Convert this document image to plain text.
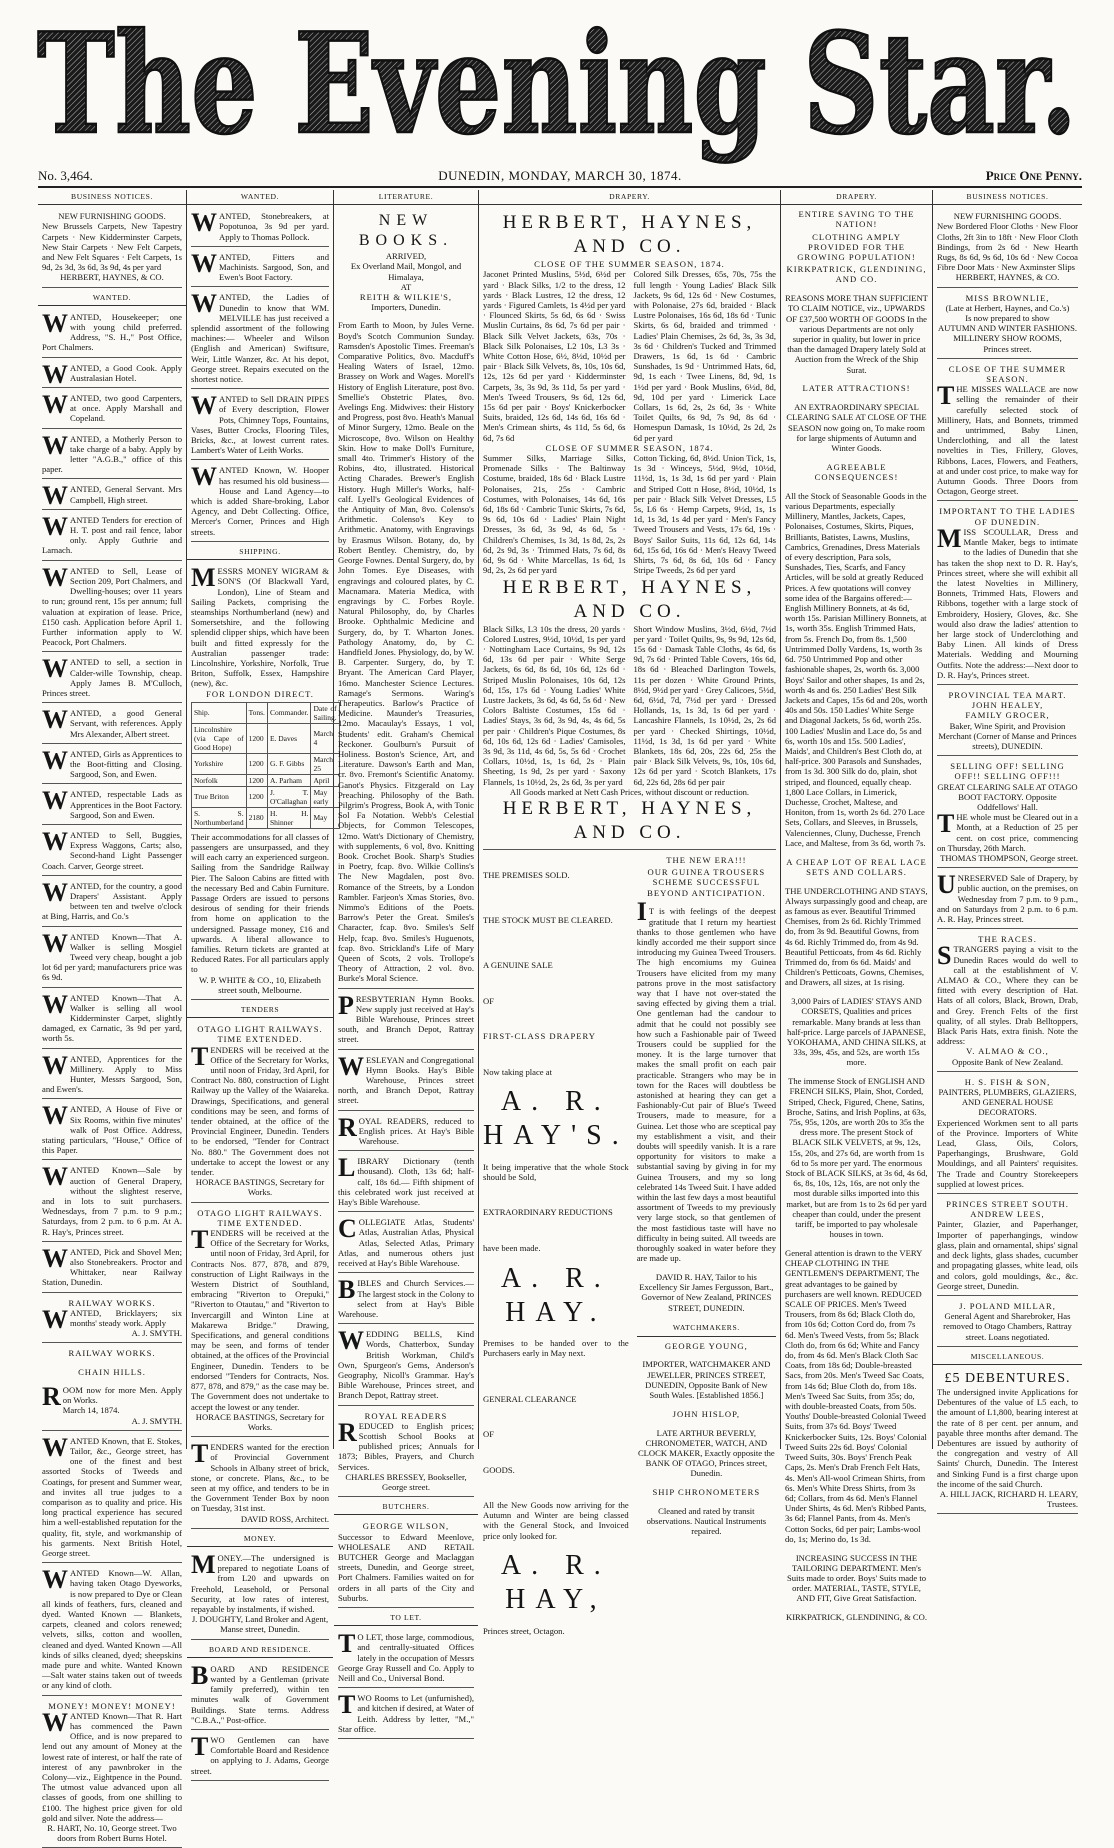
The Evening Star.
No. 3,464.	DUNEDIN, MONDAY, MARCH 30, 1874.	Price One Penny.
BUSINESS NOTICES.

NEW FURNISHING GOODS.

New Brussels Carpets, New Tapestry Carpets · New Kidderminster Carpets, New Stair Carpets · New Felt Carpets, and New Felt Squares · Felt Carpets, 1s 9d, 2s 3d, 3s 6d, 3s 9d, 4s per yard

HERBERT, HAYNES, & CO.

WANTED.
W ANTED, Housekeeper; one with young child preferred. Address, "S. H.," Post Office, Port Chalmers.

W ANTED, a Good Cook. Apply Australasian Hotel.

W ANTED, two good Carpenters, at once. Apply Marshall and Copeland.

W ANTED, a Motherly Person to take charge of a baby. Apply by letter "A.G.B.," office of this paper.

W ANTED, General Servant. Mrs Campbell, High street.

W ANTED Tenders for erection of H. T. post and rail fence, labor only. Apply Guthrie and Larnach.

W ANTED to Sell, Lease of Section 209, Port Chalmers, and Dwelling-houses; over 11 years to run; ground rent, 15s per annum; full valuation at expiration of lease. Price, £150 cash. Application before April 1. Further information apply to W. Peacock, Port Chalmers.

W ANTED to sell, a section in Calder-wille Township, cheap. Apply James B. M'Culloch, Princes street.

W ANTED, a good General Servant, with references. Apply Mrs Alexander, Albert street.

W ANTED, Girls as Apprentices to the Boot-fitting and Closing. Sargood, Son, and Ewen.

W ANTED, respectable Lads as Apprentices in the Boot Factory. Sargood, Son and Ewen.

W ANTED to Sell, Buggies, Express Waggons, Carts; also, Second-hand Light Passenger Coach. Carver, George street.

W ANTED, for the country, a good Drapers' Assistant. Apply between ten and twelve o'clock at Bing, Harris, and Co.'s

W ANTED Known—That A. Walker is selling Mosgiel Tweed very cheap, bought a job lot 6d per yard; manufacturers price was 6s 9d.

W ANTED Known—That A. Walker is selling all wool Kidderminster Carpet, slightly damaged, ex Carnatic, 3s 9d per yard, worth 5s.

W ANTED, Apprentices for the Millinery. Apply to Miss Hunter, Messrs Sargood, Son, and Ewen's.

W ANTED, A House of Five or Six Rooms, within five minutes' walk of Post Office. Address, stating particulars, "House," Office of this Paper.

W ANTED Known—Sale by auction of General Drapery, without the slightest reserve, and in lots to suit purchasers. Wednesdays, from 7 p.m. to 9 p.m.; Saturdays, from 2 p.m. to 6 p.m. At A. R. Hay's, Princes street.

W ANTED, Pick and Shovel Men; also Stonebreakers. Proctor and Whittaker, near Railway Station, Dunedin.

RAILWAY WORKS.

W ANTED, Bricklayers; six months' steady work. Apply

A. J. SMYTH.

RAILWAY WORKS.

CHAIN HILLS.

R OOM now for more Men. Apply on Works.

March 14, 1874.

A. J. SMYTH.

W ANTED Known, that E. Stokes, Tailor, &c., George street, has one of the finest and best assorted Stocks of Tweeds and Coatings, for present and Summer wear, and invites all true judges to a comparison as to quality and price. His long practical experience has secured him a well-established reputation for the quality, fit, style, and workmanship of his garments. Next British Hotel, George street.

W ANTED Known—W. Allan, having taken Otago Dyeworks, is now prepared to Dye or Clean all kinds of feathers, furs, cleaned and dyed. Wanted Known — Blankets, carpets, cleaned and colors renewed; velvets, silks, cotton and woollen, cleaned and dyed. Wanted Known —All kinds of silks cleaned, dyed; sheepskins made pure and white. Wanted Known —Salt water stains taken out of tweeds or any kind of cloth.

MONEY! MONEY! MONEY!

W ANTED Known—That R. Hart has commenced the Pawn Office, and is now prepared to lend out any amount of Money at the lowest rate of interest, or half the rate of interest of any pawnbroker in the Colony—viz., Eightpence in the Pound. The utmost value advanced upon all classes of goods, from one shilling to £100. The highest price given for old gold and silver. Note the address—

R. HART, No. 10, George street. Two doors from Robert Burns Hotel.

WANTED.
W ANTED, Stonebreakers, at Popotunoa, 3s 9d per yard. Apply to Thomas Pollock.

W ANTED, Fitters and Machinists. Sargood, Son, and Ewen's Boot Factory.

W ANTED, the Ladies of Dunedin to know that WM. MELVILLE has just received a splendid assortment of the following machines:— Wheeler and Wilson (English and American) Swiftsure, Weir, Little Wanzer, &c. At his depot, George street. Repairs executed on the shortest notice.

W ANTED to Sell DRAIN PIPES of Every description, Flower Pots, Chimney Tops, Fountains, Vases, Butter Crocks, Flooring Tiles, Bricks, &c., at lowest current rates. Lambert's Water of Leith Works.

W ANTED Known, W. Hooper has resumed his old business—House and Land Agency—to which is added Share-broking, Labor Agency, and Debt Collecting. Office, Mercer's Corner, Princes and High streets.

SHIPPING.
M ESSRS MONEY WIGRAM & SON'S (Of Blackwall Yard, London), Line of Steam and Sailing Packets, comprising the steamships Northumberland (new) and Somersetshire, and the following splendid clipper ships, which have been built and fitted expressly for the Australian passenger trade: Lincolnshire, Yorkshire, Norfolk, True Briton, Suffolk, Essex, Hampshire (new), &c.

FOR LONDON DIRECT.

Ship.	Tons.	Commander.	Date of Sailing.
Lincolnshire (via Cape of Good Hope)	1200	E. Daves	March 4
Yorkshire	1200	G. F. Gibbs	March 25
Norfolk	1200	A. Parham	April
True Briton	1200	J. T. O'Callaghan	May early
S. S. Northumberland	2180	H. H. Shinner	May

Their accommodations for all classes of passengers are unsurpassed, and they will each carry an experienced surgeon. Sailing from the Sandridge Railway Pier. The Saloon Cabins are fitted with the necessary Bed and Cabin Furniture. Passage Orders are issued to persons desirous of sending for their friends from home on application to the undersigned. Passage money, £16 and upwards. A liberal allowance to families. Return tickets are granted at Reduced Rates. For all particulars apply to

W. P. WHITE & CO., 10, Elizabeth street south, Melbourne.

TENDERS

OTAGO LIGHT RAILWAYS.

TIME EXTENDED.

T ENDERS will be received at the Office of the Secretary for Works, until noon of Friday, 3rd April, for Contract No. 880, construction of Light Railway up the Valley of the Waiareka. Drawings, Specifications, and general conditions may be seen, and forms of tender obtained, at the office of the Provincial Engineer, Dunedin. Tenders to be endorsed, "Tender for Contract No. 880." The Government does not undertake to accept the lowest or any tender.

HORACE BASTINGS, Secretary for Works.

OTAGO LIGHT RAILWAYS.

TIME EXTENDED.

T ENDERS will be received at the Office of the Secretary for Works, until noon of Friday, 3rd April, for Contracts Nos. 877, 878, and 879, construction of Light Railways in the Western District of Southland, embracing "Riverton to Orepuki," "Riverton to Otautau," and "Riverton to Invercargill and Winton Line at Makarewa Bridge." Drawing, Specifications, and general conditions may be seen, and forms of tender obtained, at the offices of the Provincial Engineer, Dunedin. Tenders to be endorsed "Tenders for Contracts, Nos. 877, 878, and 879," as the case may be. The Government does not undertake to accept the lowest or any tender.

HORACE BASTINGS, Secretary for Works.

T ENDERS wanted for the erection of Provincial Government Schools in Albany street of brick, stone, or concrete. Plans, &c., to be seen at my office, and tenders to be in the Government Tender Box by noon on Tuesday, 31st inst.

DAVID ROSS, Architect.

MONEY.
M ONEY.—The undersigned is prepared to negotiate Loans of from L20 and upwards on Freehold, Leasehold, or Personal Security, at low rates of interest, repayable by instalments, if wished.

J. DOUGHTY, Land Broker and Agent, Manse street, Dunedin.

BOARD AND RESIDENCE.
B OARD AND RESIDENCE wanted by a Gentleman (private family preferred), within ten minutes walk of Government Buildings. State terms. Address "C.B.A.," Post-office.

T WO Gentlemen can have Comfortable Board and Residence on applying to J. Adams, George street.

LITERATURE.

NEW BOOKS.

ARRIVED,

Ex Overland Mail, Mongol, and Himalaya,

AT

REITH & WILKIE'S,

Importers, Dunedin.

From Earth to Moon, by Jules Verne. Boyd's Scotch Communion Sunday. Ramsden's Apostolic Times. Freeman's Comparative Politics, 8vo. Macduff's Healing Waters of Israel, 12mo. Brassey on Work and Wages. Morell's History of English Literature, post 8vo. Smellie's Obstetric Plates, 8vo. Avelings Eng. Midwives: their History and Progress, post 8vo. Heath's Manual of Minor Surgery, 12mo. Beale on the Microscope, 8vo. Wilson on Healthy Skin. How to make Doll's Furniture, small 4to. Trimmer's History of the Robins, 4to, illustrated. Historical Acting Charades. Brewer's English History. Hugh Miller's Works, half-calf. Lyell's Geological Evidences of the Antiquity of Man, 8vo. Colenso's Arithmetic. Colenso's Key to Arithmetic. Anatomy, with Engravings by Erasmus Wilson. Botany, do, by Robert Bentley. Chemistry, do, by George Fownes. Dental Surgery, do, by John Tomes. Eye Diseases, with engravings and coloured plates, by C. Macnamara. Materia Medica, with engravings by C. Forbes Royle. Natural Philosophy, do, by Charles Brooke. Ophthalmic Medicine and Surgery, do, by T. Wharton Jones. Pathology Anatomy, do, by C. Handfield Jones. Physiology, do, by W. B. Carpenter. Surgery, do, by T. Bryant. The American Card Player, 16mo. Manchester Science Lectures. Ramage's Sermons. Waring's Therapeutics. Barlow's Practice of Medicine. Maunder's Treasuries, 12mo. Macaulay's Essays, 1 vol, Students' edit. Graham's Chemical Reckoner. Goulburn's Pursuit of Holiness. Boston's Science, Art, and Literature. Dawson's Earth and Man, cr. 8vo. Fremont's Scientific Anatomy. Ganot's Physics. Fitzgerald on Lay Preaching. Philosophy of the Bath. Pilgrim's Progress, Book A, with Tonic Sol Fa Notation. Webb's Celestial Objects, for Common Telescopes, 12mo. Watt's Dictionary of Chemistry, with supplements, 6 vol, 8vo. Knitting Book. Crochet Book. Sharp's Studies in Poetry, fcap. 8vo. Wilkie Collins's The New Magdalen, post 8vo. Romance of the Streets, by a London Rambler. Farjeon's Xmas Stories, 8vo. Nimmo's Editions of the Poets. Barrow's Peter the Great. Smiles's Character, fcap. 8vo. Smiles's Self Help, fcap. 8vo. Smiles's Huguenots, fcap. 8vo. Strickland's Life of Mary Queen of Scots, 2 vols. Trollope's Theory of Attraction, 2 vol. 8vo. Burke's Moral Science.

P RESBYTERIAN Hymn Books. New supply just received at Hay's Bible Warehouse, Princes street south, and Branch Depot, Rattray street.

W ESLEYAN and Congregational Hymn Books. Hay's Bible Warehouse, Princes street north, and Branch Depot, Rattray street.

R OYAL READERS, reduced to English prices. At Hay's Bible Warehouse.

L IBRARY Dictionary (tenth thousand). Cloth, 13s 6d; half-calf, 18s 6d.— Fifth shipment of this celebrated work just received at Hay's Bible Warehouse.

C OLLEGIATE Atlas, Students' Atlas, Australian Atlas, Physical Atlas, Selected Atlas, Primary Atlas, and numerous others just received at Hay's Bible Warehouse.

B IBLES and Church Services.—The largest stock in the Colony to select from at Hay's Bible Warehouse.

W EDDING BELLS, Kind Words, Chatterbox, Sunday British Workman, Child's Own, Spurgeon's Gems, Anderson's Geography, Nicoll's Grammar. Hay's Bible Warehouse, Princes street, and Branch Depot, Rattray street.

ROYAL READERS

R EDUCED to English prices; Scottish School Books at published prices; Annuals for 1873; Bibles, Prayers, and Church Services.

CHARLES BRESSEY, Bookseller, George street.

BUTCHERS.

GEORGE WILSON,

Successor to Edward Meenlove, WHOLESALE AND RETAIL BUTCHER George and Maclaggan streets, Dunedin, and George street, Port Chalmers. Families waited on for orders in all parts of the City and Suburbs.

TO LET.
T O LET, those large, commodious, and centrally-situated Offices lately in the occupation of Messrs George Gray Russell and Co. Apply to Neill and Co., Universal Bond.

T WO Rooms to Let (unfurnished), and kitchen if desired, at Water of Leith. Address by letter, "M.," Star office.

DRAPERY.

HERBERT, HAYNES, AND CO.

CLOSE OF THE SUMMER SEASON, 1874.

Jaconet Printed Muslins, 5½d, 6½d per yard · Black Silks, 1/2 to the dress, 12 yards · Black Lustres, 12 the dress, 12 yards · Figured Camlets, 1s 4½d per yard · Flounced Skirts, 5s 6d, 6s 6d · Swiss Muslin Curtains, 8s 6d, 7s 6d per pair · Black Silk Velvet Jackets, 63s, 70s · Black Silk Polonaises, L2 10s, L3 3s · White Cotton Hose, 6½, 8½d, 10½d per pair · Black Silk Velvets, 8s, 10s, 10s 6d, 12s, 12s 6d per yard · Kidderminster Carpets, 3s, 3s 9d, 3s 11d, 5s per yard · Men's Tweed Trousers, 9s 6d, 12s 6d, 15s 6d per pair · Boys' Knickerbocker Suits, braided, 12s 6d, 14s 6d, 16s 6d · Men's Crimean shirts, 4s 11d, 5s 6d, 6s 6d, 7s 6d
Colored Silk Dresses, 65s, 70s, 75s the full length · Young Ladies' Black Silk Jackets, 9s 6d, 12s 6d · New Costumes, with Polonaise, 27s 6d, braided · Black Lustre Polonaises, 16s 6d, 18s 6d · Tunic Skirts, 6s 6d, braided and trimmed · Ladies' Plain Chemises, 2s 6d, 3s, 3s 3d, 3s 6d · Children's Tucked and Trimmed Drawers, 1s 6d, 1s 6d · Cambric Sunshades, 1s 9d · Untrimmed Hats, 6d, 9d, 1s each · Twee Linens, 8d, 9d, 1s 1½d per yard · Book Muslins, 6½d, 8d, 9d, 10d per yard · Limerick Lace Collars, 1s 6d, 2s, 2s 6d, 3s · White Toilet Quilts, 6s 9d, 7s 9d, 8s 6d · Homespun Damask, 1s 10½d, 2s 2d, 2s 6d per yard

CLOSE OF SUMMER SEASON, 1874.

Summer Silks, Marriage Silks, Promenade Silks · The Baltinway Costume, braided, 18s 6d · Black Lustre Polonaises, 21s, 25s · Cambric Costumes, with Polonaises, 14s 6d, 16s 6d, 18s 6d · Cambric Tunic Skirts, 7s 6d, 9s 6d, 10s 6d · Ladies' Plain Night Dresses, 3s 6d, 3s 9d, 4s 6d, 5s · Children's Chemises, 1s 3d, 1s 8d, 2s, 2s 6d, 2s 9d, 3s · Trimmed Hats, 7s 6d, 8s 6d, 9s 6d · White Marcellas, 1s 6d, 1s 9d, 2s, 2s 6d per yard
Cotton Ticking, 6d, 8½d. Union Tick, 1s, 1s 3d · Winceys, 5½d, 9½d, 10½d, 11½d, 1s, 1s 3d, 1s 6d per yard · Plain and Striped Cott n Hose, 8½d, 10½d, 1s per pair · Black Silk Velvet Dresses, L5 5s, L6 6s · Hemp Carpets, 9½d, 1s, 1s 1d, 1s 3d, 1s 4d per yard · Men's Fancy Tweed Trousers and Vests, 17s 6d, 19s · Boys' Sailor Suits, 11s 6d, 12s 6d, 14s 6d, 15s 6d, 16s 6d · Men's Heavy Tweed Shirts, 7s 6d, 8s 6d, 10s 6d · Fancy Stripe Tweeds, 2s 6d per yard

HERBERT, HAYNES, AND CO.

Black Silks, L3 10s the dress, 20 yards · Colored Lustres, 9½d, 10½d, 1s per yard · Nottingham Lace Curtains, 9s 9d, 12s 6d, 13s 6d per pair · White Serge Jackets, 6s 6d, 8s 6d, 10s 6d, 12s 6d · Striped Muslin Polonaises, 10s 6d, 12s 6d, 15s, 17s 6d · Young Ladies' White Lustre Jackets, 3s 6d, 4s 6d, 5s 6d · New Colors Baltiste Costumes, 15s 6d · Ladies' Stays, 3s 6d, 3s 9d, 4s, 4s 6d, 5s per pair · Children's Pique Costumes, 8s 6d, 10s 6d, 12s 6d · Ladies' Camisoles, 3s 9d, 3s 11d, 4s 6d, 5s, 5s 6d · Crochet Collars, 10½d, 1s, 1s 6d, 2s · Plain Sheeting, 1s 9d, 2s per yard · Saxony Flannels, 1s 10½d, 2s, 2s 6d, 3s per yard
Short Window Muslins, 3½d, 6½d, 7½d per yard · Toilet Quilts, 9s, 9s 9d, 12s 6d, 15s 6d · Damask Table Cloths, 4s 6d, 6s 9d, 7s 6d · Printed Table Covers, 16s 6d, 18s 6d · Bleached Darlington Towels, 11s per dozen · White Ground Prints, 8½d, 9½d per yard · Grey Calicoes, 5½d, 6d, 6½d, 7d, 7½d per yard · Dressed Hollands, 1s, 1s 3d, 1s 6d per yard · Lancashire Flannels, 1s 10½d, 2s, 2s 6d per yard · Checked Shirtings, 10½d, 11½d, 1s 3d, 1s 6d per yard · White Blankets, 18s 6d, 20s, 22s 6d, 25s the pair · Black Silk Velvets, 9s, 10s, 10s 6d, 12s 6d per yard · Scotch Blankets, 17s 6d, 22s 6d, 28s 6d per pair

All Goods marked at Nett Cash Prices, without discount or reduction.

HERBERT, HAYNES, AND CO.

THE PREMISES SOLD.

THE STOCK MUST BE CLEARED.

A GENUINE SALE

OF

FIRST-CLASS DRAPERY

Now taking place at

A. R. HAY'S.

It being imperative that the whole Stock should be Sold,

EXTRAORDINARY REDUCTIONS

have been made.

A. R. HAY.

Premises to be handed over to the Purchasers early in May next.

GENERAL CLEARANCE

OF

GOODS.

All the New Goods now arriving for the Autumn and Winter are being classed with the General Stock, and Invoiced price only looked for.

A. R. HAY,

Princes street, Octagon.

THE NEW ERA!!!

OUR GUINEA TROUSERS SCHEME SUCCESSFUL BEYOND ANTICIPATION.

I T is with feelings of the deepest gratitude that I return my heartiest thanks to those gentlemen who have kindly accorded me their support since introducing my Guinea Tweed Trousers. The high encomiums my Guinea Trousers have elicited from my many patrons prove in the most satisfactory way that I have not over-stated the saving effected by giving them a trial. One gentleman had the candour to admit that he could not possibly see how such a Fashionable pair of Tweed Trousers could be supplied for the money. It is the large turnover that makes the small profit on each pair practicable. Strangers who may be in town for the Races will doubtless be astonished at hearing they can get a Fashionably-Cut pair of Blue's Tweed Trousers, made to measure, for a Guinea. Let those who are sceptical pay my establishment a visit, and their doubts will speedily vanish. It is a rare opportunity for visitors to make a substantial saving by giving in for my Guinea Trousers, and my so long celebrated 14s Tweed Suit. I have added within the last few days a most beautiful assortment of Tweeds to my previously very large stock, so that gentlemen of the most fastidious taste will have no difficulty in being suited. All tweeds are thoroughly soaked in water before they are made up.

DAVID R. HAY, Tailor to his Excellency Sir James Fergusson, Bart., Governor of New Zealand, PRINCES STREET, DUNEDIN.

WATCHMAKERS.

GEORGE YOUNG,

IMPORTER, WATCHMAKER AND JEWELLER, PRINCES STREET, DUNEDIN, Opposite Bank of New South Wales. [Established 1856.]

JOHN HISLOP,

LATE ARTHUR BEVERLY, CHRONOMETER, WATCH, AND CLOCK MAKER, Exactly opposite the BANK OF OTAGO, Princes street, Dunedin.

SHIP CHRONOMETERS

Cleaned and rated by transit observations. Nautical Instruments repaired.

DRAPERY.

ENTIRE SAVING TO THE NATION!

CLOTHING AMPLY PROVIDED FOR THE GROWING POPULATION!

KIRKPATRICK, GLENDINING, AND CO.

REASONS MORE THAN SUFFICIENT TO CLAIM NOTICE, viz., UPWARDS OF £37,500 WORTH OF GOODS In the various Departments are not only superior in quality, but lower in price than the damaged Drapery lately Sold at Auction from the Wreck of the Ship Surat.

LATER ATTRACTIONS!

AN EXTRAORDINARY SPECIAL CLEARING SALE AT CLOSE OF THE SEASON now going on, To make room for large shipments of Autumn and Winter Goods.

AGREEABLE CONSEQUENCES!

All the Stock of Seasonable Goods in the various Departments, especially Millinery, Mantles, Jackets, Capes, Polonaises, Costumes, Skirts, Piques, Brilliants, Batistes, Lawns, Muslins, Cambrics, Grenadines, Dress Materials of every description, Para sols, Sunshades, Ties, Scarfs, and Fancy Articles, will be sold at greatly Reduced Prices. A few quotations will convey some idea of the Bargains offered:— English Millinery Bonnets, at 4s 6d, worth 15s. Parisian Millinery Bonnets, at 1s, worth 35s. English Trimmed Hats, from 5s. French Do, from 8s. 1,500 Untrimmed Dolly Vardens, 1s, worth 3s 6d. 750 Untrimmed Pop and other fashionable shapes, 2s, worth 6s. 3,000 Boys' Sailor and other shapes, 1s and 2s, worth 4s and 6s. 250 Ladies' Best Silk Jackets and Capes, 15s 6d and 20s, worth 40s and 50s. 150 Ladies' White Serge and Diagonal Jackets, 5s 6d, worth 25s. 100 Ladies' Muslin and Lace do, 5s and 6s, worth 10s and 15s. 500 Ladies', Maids', and Children's Best Cloth do, at half-price. 300 Parasols and Sunshades, from 1s 3d. 300 Silk do do, plain, shot striped, and flounced, equally cheap. 1,800 Lace Collars, in Limerick, Duchesse, Crochet, Maltese, and Honiton, from 1s, worth 2s 6d. 270 Lace Sets, Collars, and Sleeves, in Brussels, Valenciennes, Cluny, Duchesse, French Lace, and Maltese, from 3s 6d, worth 7s.

A CHEAP LOT OF REAL LACE SETS AND COLLARS.

THE UNDERCLOTHING AND STAYS, Always surpassingly good and cheap, are as famous as ever. Beautiful Trimmed Chemises, from 2s 6d. Richly Trimmed do, from 3s 9d. Beautiful Gowns, from 4s 6d. Richly Trimmed do, from 4s 9d. Beautiful Petticoats, from 4s 6d. Richly Trimmed do, from 6s 6d. Maids' and Children's Petticoats, Gowns, Chemises, and Drawers, all sizes, at 1s rising.

3,000 Pairs of LADIES' STAYS AND CORSETS, Qualities and prices remarkable. Many brands at less than half-price. Large parcels of JAPANESE, YOKOHAMA, AND CHINA SILKS, at 33s, 39s, 45s, and 52s, are worth 15s more.

The immense Stock of ENGLISH AND FRENCH SILKS, Plain, Shot, Corded, Striped, Check, Figured, Chene, Satins, Broche, Satins, and Irish Poplins, at 63s, 75s, 95s, 120s, are worth 20s to 35s the dress more. The present Stock of BLACK SILK VELVETS, at 9s, 12s, 15s, 20s, and 27s 6d, are worth from 1s 6d to 5s more per yard. The enormous Stock of BLACK SILKS, at 3s 6d, 4s 6d, 6s, 8s, 10s, 12s, 16s, are not only the most durable silks imported into this market, but are from 1s to 2s 6d per yard cheaper than could, under the present tariff, be imported to pay wholesale houses in town.

General attention is drawn to the VERY CHEAP CLOTHING IN THE GENTLEMEN'S DEPARTMENT, The great advantages to be gained by purchasers are well known. REDUCED SCALE OF PRICES. Men's Tweed Trousers, from 8s 6d; Black Cloth do, from 10s 6d; Cotton Cord do, from 7s 6d. Men's Tweed Vests, from 5s; Black Cloth do, from 6s 6d; White and Fancy do, from 4s 6d. Men's Black Cloth Sac Coats, from 18s 6d; Double-breasted Sacs, from 20s. Men's Tweed Sac Coats, from 14s 6d; Blue Cloth do, from 18s. Men's Tweed Sac Suits, from 35s; do, with double-breasted Coats, from 50s. Youths' Double-breasted Colonial Tweed Suits, from 37s 6d. Boys' Tweed Knickerbocker Suits, 12s. Boys' Colonial Tweed Suits 22s 6d. Boys' Colonial Tweed Suits, 30s. Boys' French Peak Caps, 2s. Men's Drab French Felt Hats, 4s. Men's All-wool Crimean Shirts, from 6s. Men's White Dress Shirts, from 3s 6d; Collars, from 4s 6d. Men's Flannel Under Shirts, 4s 6d. Men's Ribbed Pants, 3s 6d; Flannel Pants, from 4s. Men's Cotton Socks, 6d per pair; Lambs-wool do, 1s; Merino do, 1s 3d.

INCREASING SUCCESS IN THE TAILORING DEPARTMENT. Men's Suits made to order. Boys' Suits made to order. MATERIAL, TASTE, STYLE, AND FIT, Give Great Satisfaction.

KIRKPATRICK, GLENDINING, & CO.

BUSINESS NOTICES.

NEW FURNISHING GOODS.

New Bordered Floor Cloths · New Floor Cloths, 2ft 3in to 18ft · New Floor Cloth Bindings, from 2s 6d · New Hearth Rugs, 8s 6d, 9s 6d, 10s 6d · New Cocoa Fibre Door Mats · New Axminster Slips

HERBERT, HAYNES, & CO.

MISS BROWNLIE,

(Late at Herbert, Haynes, and Co.'s)

Is now prepared to show

AUTUMN AND WINTER FASHIONS.

MILLINERY SHOW ROOMS,

Princes street.

CLOSE OF THE SUMMER SEASON.

T HE MISSES WALLACE are now selling the remainder of their carefully selected stock of Millinery, Hats, and Bonnets, trimmed and untrimmed, Baby Linen, Underclothing, and all the latest novelties in Ties, Frillery, Gloves, Ribbons, Laces, Flowers, and Feathers, at and under cost price, to make way for Autumn Goods. Three Doors from Octagon, George street.

IMPORTANT TO THE LADIES OF DUNEDIN.

M ISS SCOULLAR, Dress and Mantle Maker, begs to intimate to the ladies of Dunedin that she has taken the shop next to D. R. Hay's, Princes street, where she will exhibit all the latest Novelties in Millinery, Bonnets, Trimmed Hats, Flowers and Ribbons, together with a large stock of Embroidery, Hosiery, Gloves, &c. She would also draw the ladies' attention to her large stock of Underclothing and Baby Linen. All kinds of Dress Materials. Wedding and Mourning Outfits. Note the address:—Next door to D. R. Hay's, Princes street.

PROVINCIAL TEA MART.

JOHN HEALEY,

FAMILY GROCER,

Baker, Wine Spirit, and Provision Merchant (Corner of Manse and Princes streets), DUNEDIN.

SELLING OFF! SELLING OFF!! SELLING OFF!!!

GREAT CLEARING SALE AT OTAGO BOOT FACTORY. Opposite Oddfellows' Hall.

T HE whole must be Cleared out in a Month, at a Reduction of 25 per cent. on cost price, commencing on Thursday, 26th March.

THOMAS THOMPSON, George street.

U NRESERVED Sale of Drapery, by public auction, on the premises, on Wednesday from 7 p.m. to 9 p.m., and on Saturdays from 2 p.m. to 6 p.m. A. R. Hay, Princes street.

THE RACES.

S TRANGERS paying a visit to the Dunedin Races would do well to call at the establishment of V. ALMAO & CO., Where they can be fitted with every description of Hat. Hats of all colors, Black, Brown, Drab, and Grey. French Felts of the first quality, of all styles. Drab Belltoppers, Black Paris Hats, extra finish. Note the address:

V. ALMAO & CO.,

Opposite Bank of New Zealand.

H. S. FISH & SON,

PAINTERS, PLUMBERS, GLAZIERS, AND GENERAL HOUSE DECORATORS.

Experienced Workmen sent to all parts of the Province. Importers of White Lead, Glass, Oils, Colors, Paperhangings, Brushware, Gold Mouldings, and all Painters' requisites. The Trade and Country Storekeepers supplied at lowest prices.

PRINCES STREET SOUTH.

ANDREW LEES,

Painter, Glazier, and Paperhanger, Importer of paperhangings, window glass, plain and ornamental, ships' signal and deck lights, glass shades, cucumber and propagating glasses, white lead, oils and colors, gold mouldings, &c., &c. George street, Dunedin.

J. POLAND MILLAR,

General Agent and Sharebroker, Has removed to Otago Chambers, Rattray street. Loans negotiated.

MISCELLANEOUS.

£5 DEBENTURES.

The undersigned invite Applications for Debentures of the value of L5 each, to the amount of L1,800, bearing interest at the rate of 8 per cent. per annum, and payable three months after demand. The Debentures are issued by authority of the congregation and vestry of All Saints' Church, Dunedin. The Interest and Sinking Fund is a first charge upon the income of the said Church.

A. HILL JACK, RICHARD H. LEARY, Trustees.
